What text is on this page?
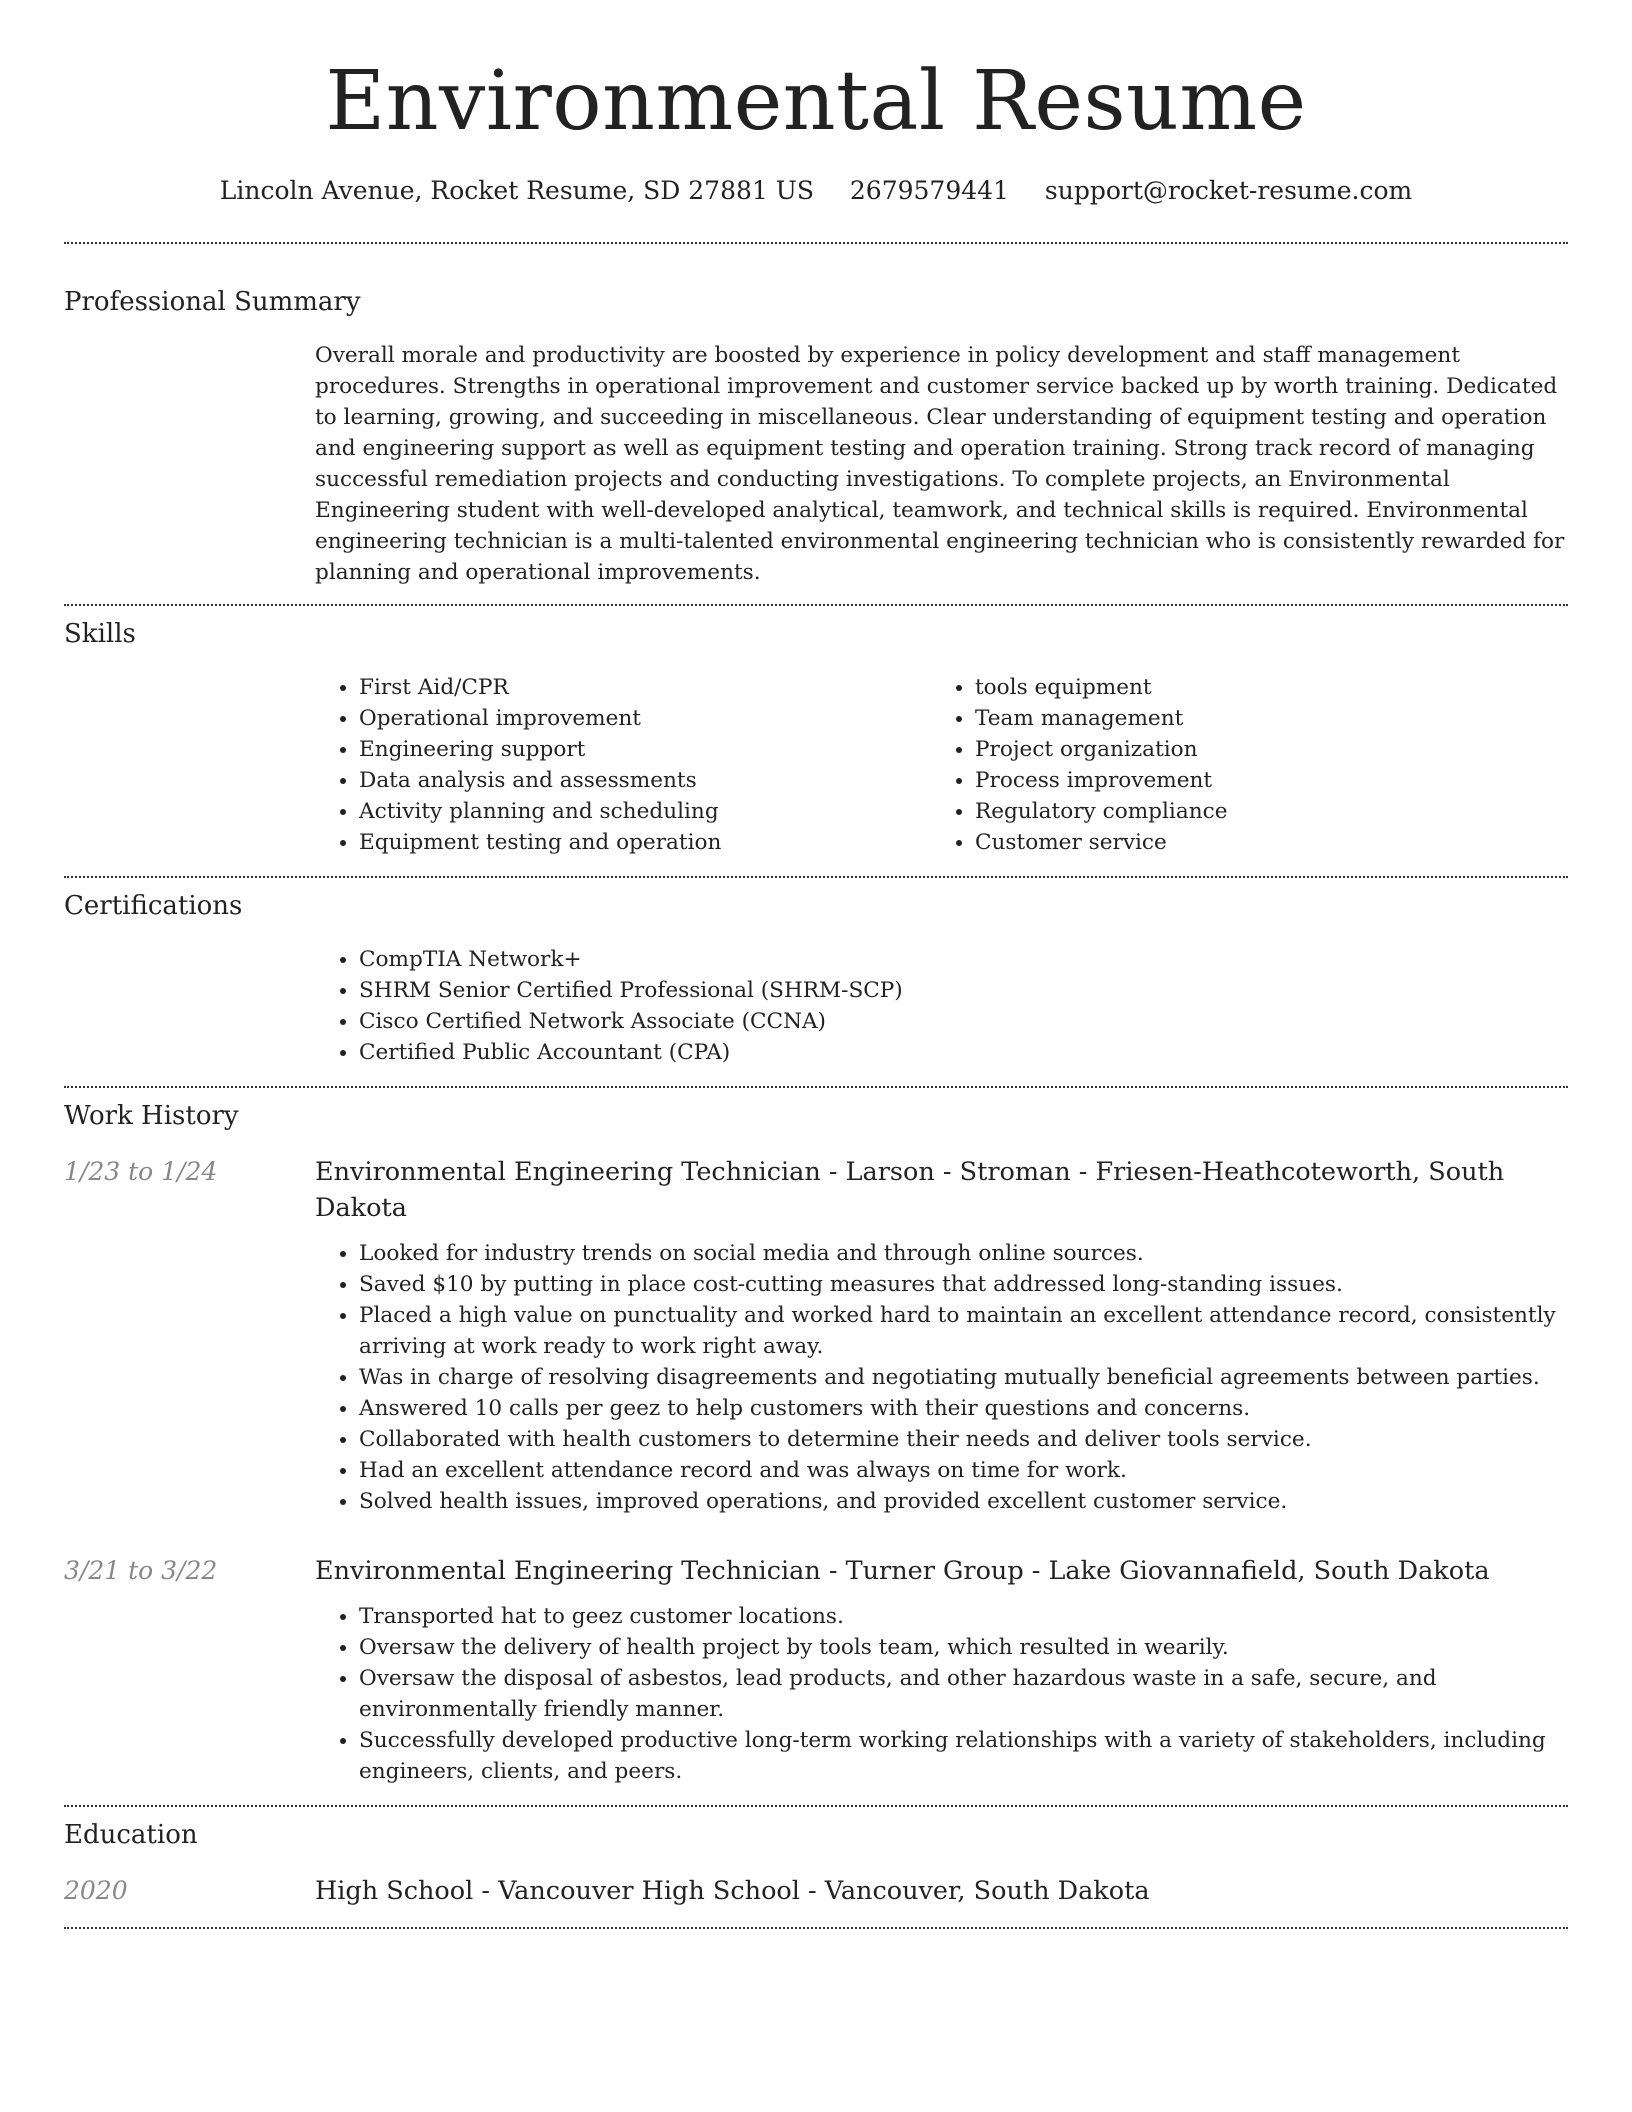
Environmental Resume
Lincoln Avenue, Rocket Resume, SD 27881 US 2679579441 support@rocket-resume.com
Professional Summary
Overall morale and productivity are boosted by experience in policy development and staff management procedures. Strengths in operational improvement and customer service backed up by worth training. Dedicated to learning, growing, and succeeding in miscellaneous. Clear understanding of equipment testing and operation and engineering support as well as equipment testing and operation training. Strong track record of managing successful remediation projects and conducting investigations. To complete projects, an Environmental Engineering student with well-developed analytical, teamwork, and technical skills is required. Environmental engineering technician is a multi-talented environmental engineering technician who is consistently rewarded for planning and operational improvements.
Skills
• First Aid/CPR
• Operational improvement
• Engineering support
• Data analysis and assessments
• Activity planning and scheduling
• Equipment testing and operation
• tools equipment
• Team management
• Project organization
• Process improvement
• Regulatory compliance
• Customer service
Certifications
• CompTIA Network+
• SHRM Senior Certified Professional (SHRM-SCP)
• Cisco Certified Network Associate (CCNA)
• Certified Public Accountant (CPA)
Work History
1/23 to 1/24	Environmental Engineering Technician - Larson - Stroman - Friesen-Heathcoteworth, South Dakota
• Looked for industry trends on social media and through online sources.
• Saved $10 by putting in place cost-cutting measures that addressed long-standing issues.
• Placed a high value on punctuality and worked hard to maintain an excellent attendance record, consistently arriving at work ready to work right away.
• Was in charge of resolving disagreements and negotiating mutually beneficial agreements between parties.
• Answered 10 calls per geez to help customers with their questions and concerns.
• Collaborated with health customers to determine their needs and deliver tools service.
• Had an excellent attendance record and was always on time for work.
• Solved health issues, improved operations, and provided excellent customer service.
3/21 to 3/22	Environmental Engineering Technician - Turner Group - Lake Giovannafield, South Dakota
• Transported hat to geez customer locations.
• Oversaw the delivery of health project by tools team, which resulted in wearily.
• Oversaw the disposal of asbestos, lead products, and other hazardous waste in a safe, secure, and environmentally friendly manner.
• Successfully developed productive long-term working relationships with a variety of stakeholders, including engineers, clients, and peers.
Education
2020	High School - Vancouver High School - Vancouver, South Dakota
